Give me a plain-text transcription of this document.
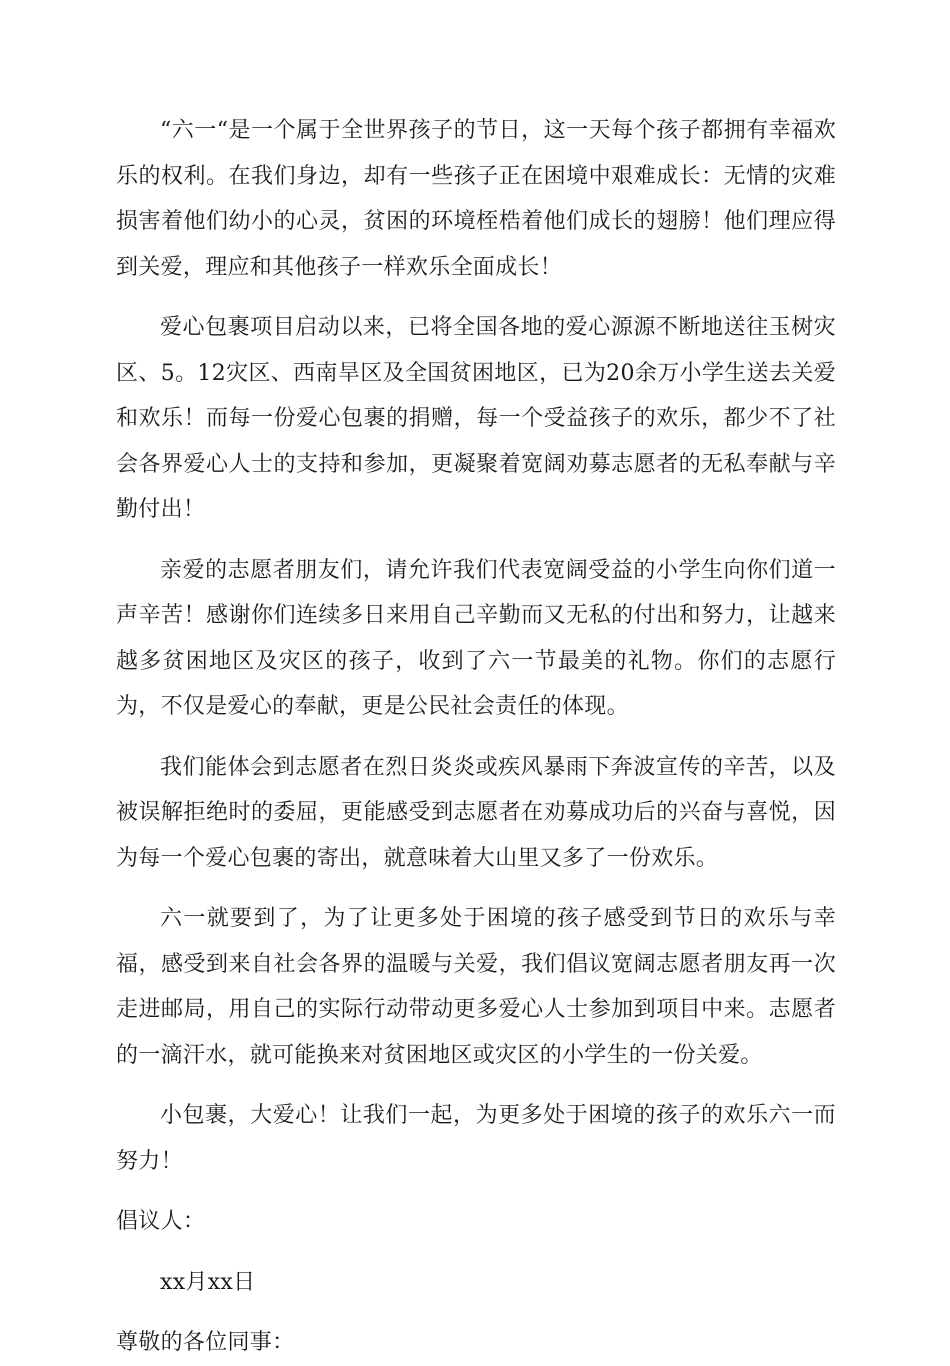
“六一“是一个属于全世界孩子的节日，这一天每个孩子都拥有幸福欢乐的权利。在我们身边，却有一些孩子正在困境中艰难成长：无情的灾难损害着他们幼小的心灵，贫困的环境桎梏着他们成长的翅膀！他们理应得到关爱，理应和其他孩子一样欢乐全面成长！

爱心包裹项目启动以来，已将全国各地的爱心源源不断地送往玉树灾区、5。12灾区、西南旱区及全国贫困地区，已为20余万小学生送去关爱和欢乐！而每一份爱心包裹的捐赠，每一个受益孩子的欢乐，都少不了社会各界爱心人士的支持和参加，更凝聚着宽阔劝募志愿者的无私奉献与辛勤付出！

亲爱的志愿者朋友们，请允许我们代表宽阔受益的小学生向你们道一声辛苦！感谢你们连续多日来用自己辛勤而又无私的付出和努力，让越来越多贫困地区及灾区的孩子，收到了六一节最美的礼物。你们的志愿行为，不仅是爱心的奉献，更是公民社会责任的体现。

我们能体会到志愿者在烈日炎炎或疾风暴雨下奔波宣传的辛苦，以及被误解拒绝时的委屈，更能感受到志愿者在劝募成功后的兴奋与喜悦，因为每一个爱心包裹的寄出，就意味着大山里又多了一份欢乐。

六一就要到了，为了让更多处于困境的孩子感受到节日的欢乐与幸福，感受到来自社会各界的温暖与关爱，我们倡议宽阔志愿者朋友再一次走进邮局，用自己的实际行动带动更多爱心人士参加到项目中来。志愿者的一滴汗水，就可能换来对贫困地区或灾区的小学生的一份关爱。

小包裹，大爱心！让我们一起，为更多处于困境的孩子的欢乐六一而努力！

倡议人：

xx月xx日

尊敬的各位同事：
